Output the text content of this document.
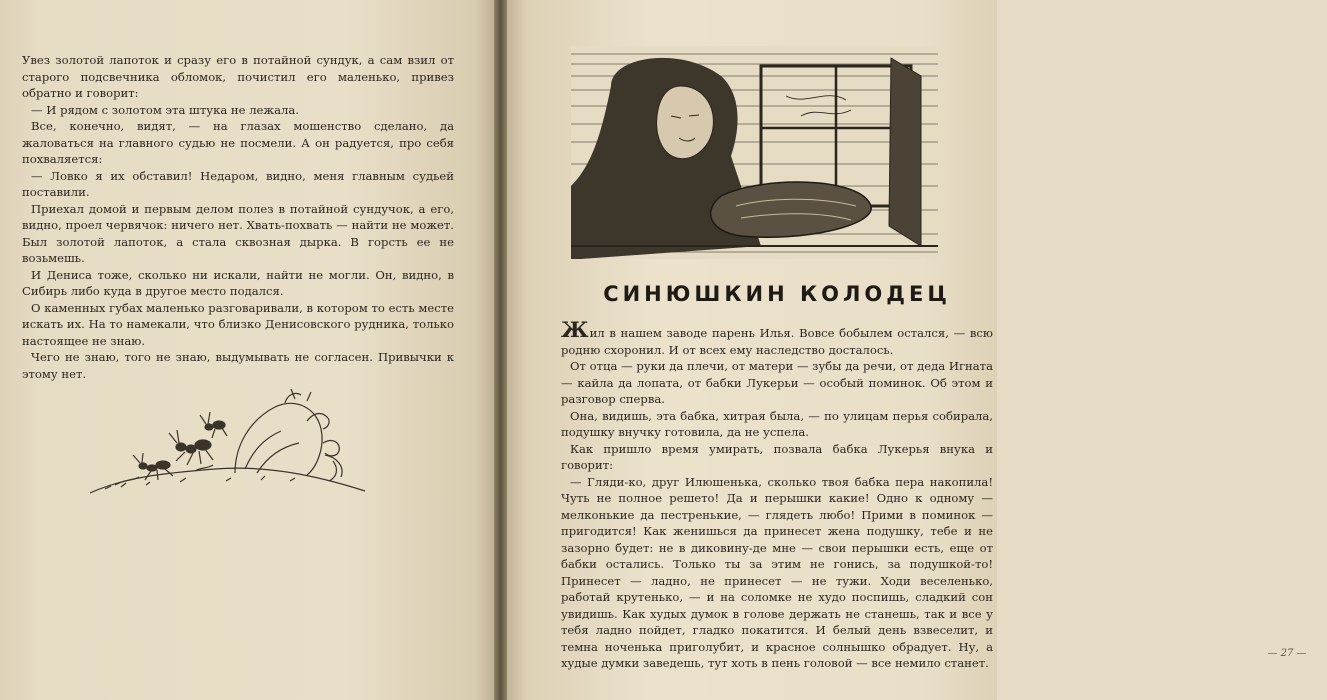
Увез золотой лапоток и сразу его в потайной сундук, а сам взил от старого подсвечника обломок, почистил его маленько, привез обратно и говорит:

— И рядом с золотом эта штука не лежала.

Все, конечно, видят, — на глазах мошенство сделано, да жаловаться на главного судью не посмели. А он радуется, про себя похваляется:

— Ловко я их обставил! Недаром, видно, меня главным судьей поставили.

Приехал домой и первым делом полез в потайной сундучок, а его, видно, проел червячок: ничего нет. Хвать-похвать — найти не может. Был золотой лапоток, а стала сквозная дырка. В горсть ее не возьмешь.

И Дениса тоже, сколько ни искали, найти не могли. Он, видно, в Сибирь либо куда в другое место подался.

О каменных губах маленько разговаривали, в котором то есть месте искать их. На то намекали, что близко Денисовского рудника, только настоящее не знаю.

Чего не знаю, того не знаю, выдумывать не согласен. Привычки к этому нет.

— 27 —
СИНЮШКИН КОЛОДЕЦ

Жил в нашем заводе парень Илья. Вовсе бобылем остался, — всю родню схоронил. И от всех ему наследство досталось.

От отца — руки да плечи, от матери — зубы да речи, от деда Игната — кайла да лопата, от бабки Лукерьи — особый поминок. Об этом и разговор сперва.

Она, видишь, эта бабка, хитрая была, — по улицам перья собирала, подушку внучку готовила, да не успела.

Как пришло время умирать, позвала бабка Лукерья внука и говорит:

— Гляди-ко, друг Илюшенька, сколько твоя бабка пера накопила! Чуть не полное решето! Да и перышки какие! Одно к одному — мелконькие да пестренькие, — глядеть любо! Прими в поминок — пригодится! Как женишься да принесет жена подушку, тебе и не зазорно будет: не в диковину-де мне — свои перышки есть, еще от бабки остались. Только ты за этим не гонись, за подушкой-то! Принесет — ладно, не принесет — не тужи. Ходи веселенько, работай крутенько, — и на соломке не худо поспишь, сладкий сон увидишь. Как худых думок в голове держать не станешь, так и все у тебя ладно пойдет, гладко покатится. И белый день взвеселит, и темна ноченька приголубит, и красное солнышко обрадует. Ну, а худые думки заведешь, тут хоть в пень головой — все немило станет.
